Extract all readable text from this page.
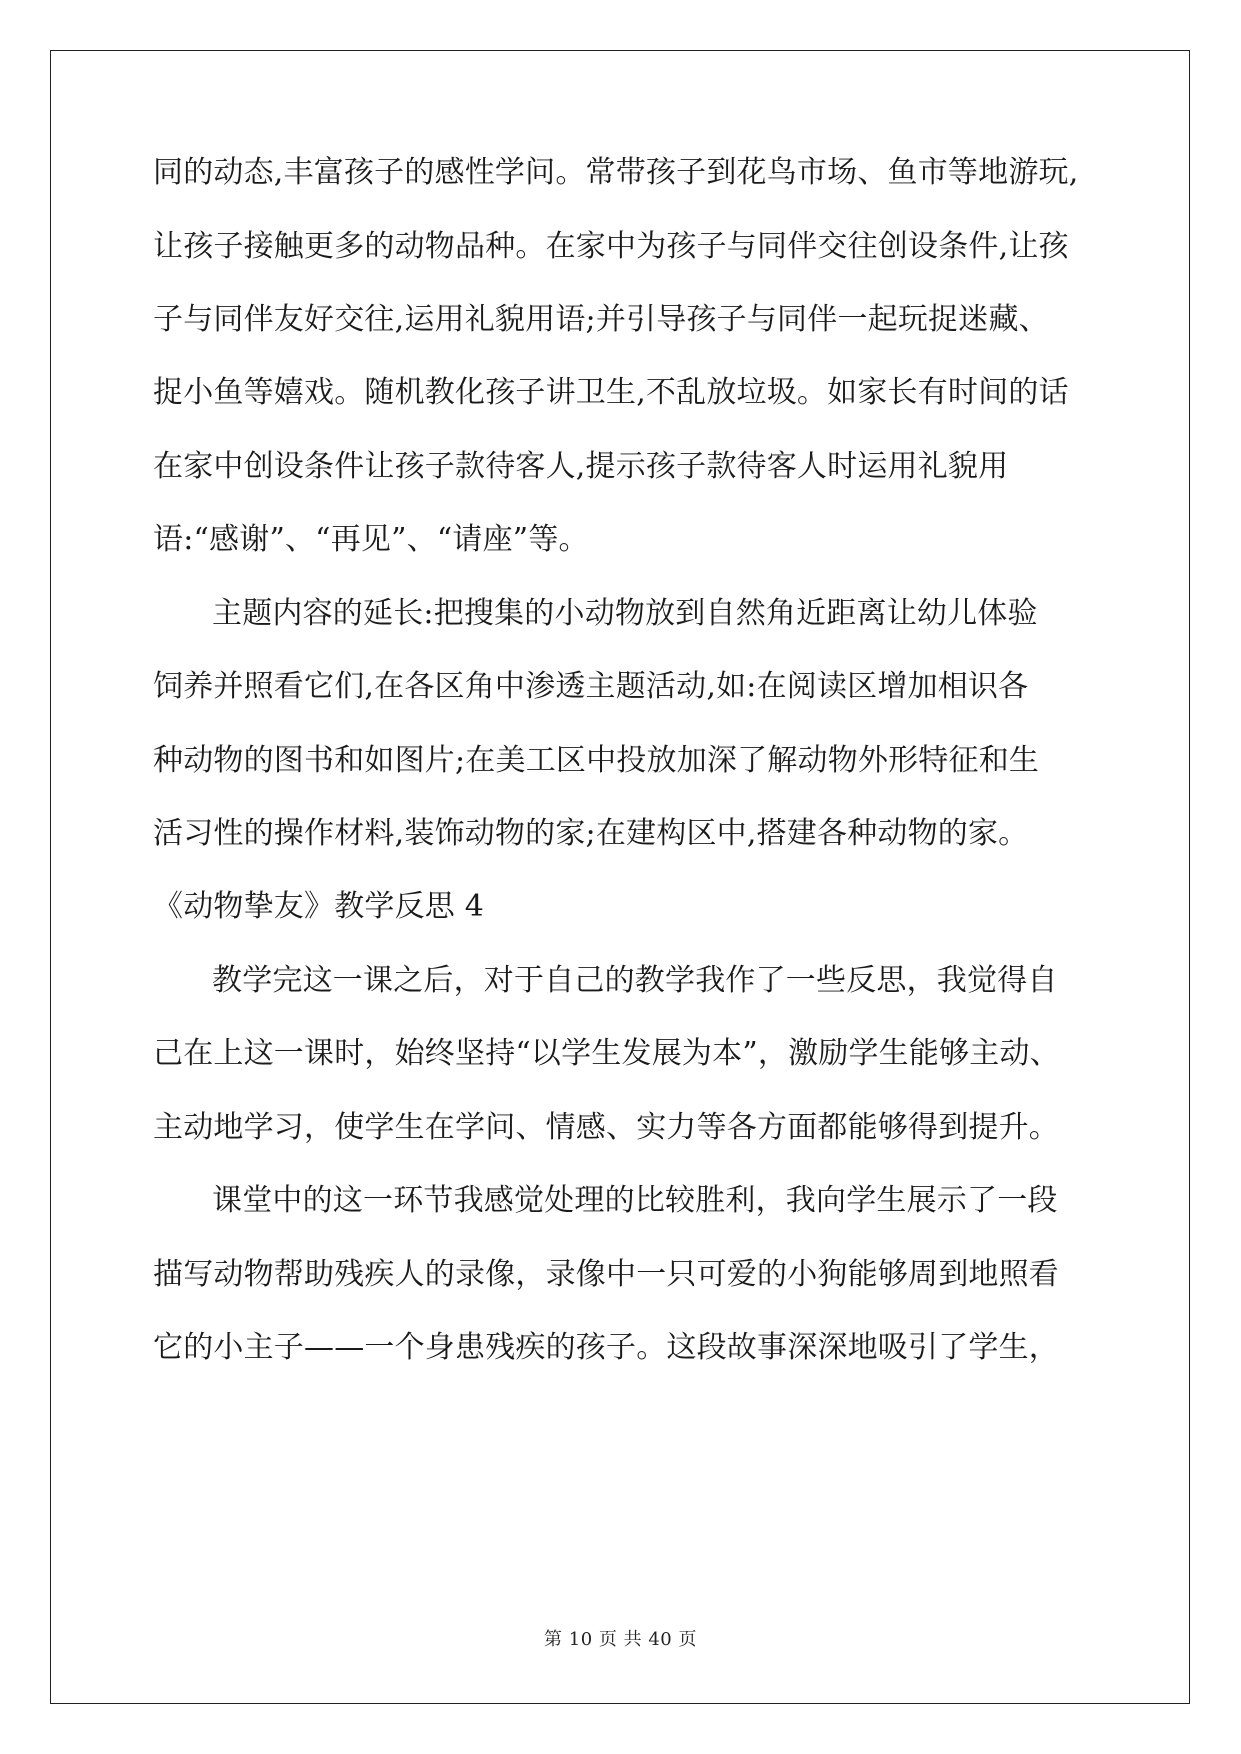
同的动态,丰富孩子的感性学问。常带孩子到花鸟市场、鱼市等地游玩,
让孩子接触更多的动物品种。在家中为孩子与同伴交往创设条件,让孩
子与同伴友好交往,运用礼貌用语;并引导孩子与同伴一起玩捉迷藏、
捉小鱼等嬉戏。随机教化孩子讲卫生,不乱放垃圾。如家长有时间的话
在家中创设条件让孩子款待客人,提示孩子款待客人时运用礼貌用
语:“感谢”、“再见”、“请座”等。
主题内容的延长:把搜集的小动物放到自然角近距离让幼儿体验
饲养并照看它们,在各区角中渗透主题活动,如:在阅读区增加相识各
种动物的图书和如图片;在美工区中投放加深了解动物外形特征和生
活习性的操作材料,装饰动物的家;在建构区中,搭建各种动物的家。
《动物挚友》教学反思 4
教学完这一课之后，对于自己的教学我作了一些反思，我觉得自
己在上这一课时，始终坚持“以学生发展为本”，激励学生能够主动、
主动地学习，使学生在学问、情感、实力等各方面都能够得到提升。
课堂中的这一环节我感觉处理的比较胜利，我向学生展示了一段
描写动物帮助残疾人的录像，录像中一只可爱的小狗能够周到地照看
它的小主子——一个身患残疾的孩子。这段故事深深地吸引了学生，
第 10 页 共 40 页
